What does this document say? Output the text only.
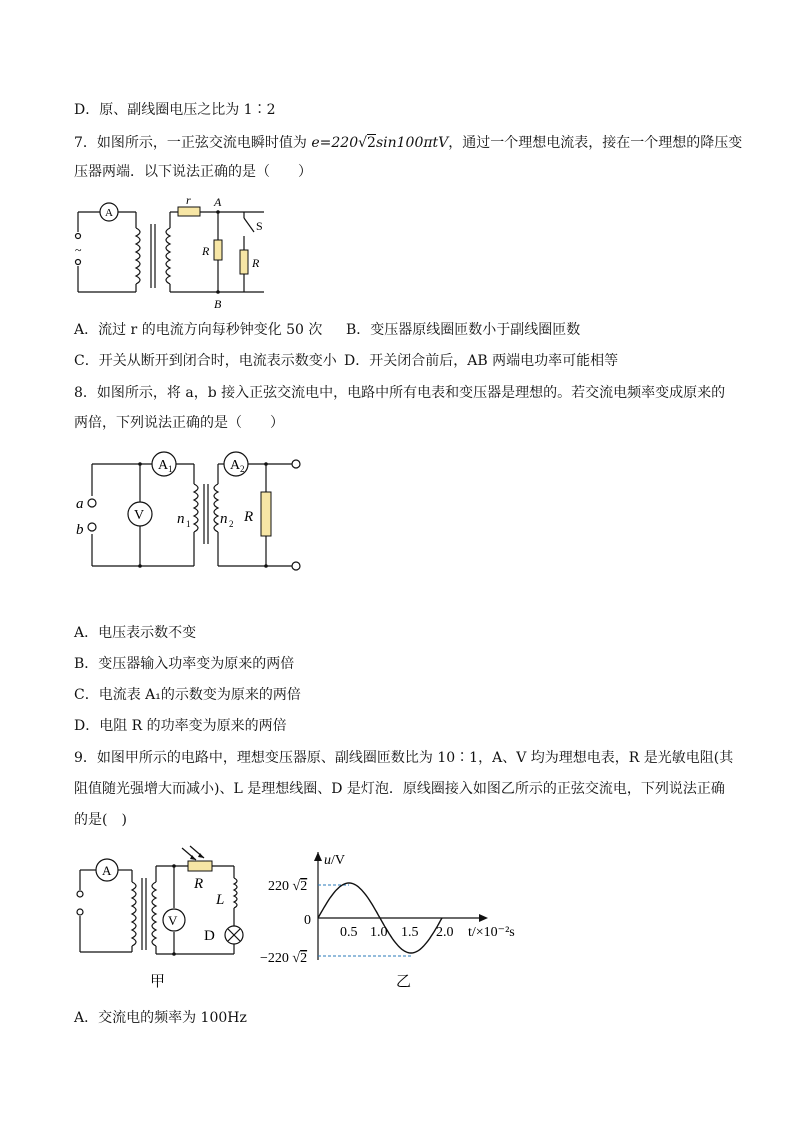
D．原、副线圈电压之比为 1∶2
7．如图所示，一正弦交流电瞬时值为 e=220√2sin100πtV，通过一个理想电流表，接在一个理想的降压变
压器两端．以下说法正确的是（　　）
A
~
r A
B
S
R
R
A．流过 r 的电流方向每秒钟变化 50 次 B．变压器原线圈匝数小于副线圈匝数
C．开关从断开到闭合时，电流表示数变小 D．开关闭合前后，AB 两端电功率可能相等
8．如图所示，将 a，b 接入正弦交流电中，电路中所有电表和变压器是理想的。若交流电频率变成原来的
两倍，下列说法正确的是（　　）
A 1	A 2
V
a
b
n 1 n 2 R
A．电压表示数不变
B．变压器输入功率变为原来的两倍
C．电流表 A₁的示数变为原来的两倍
D．电阻 R 的功率变为原来的两倍
9．如图甲所示的电路中，理想变压器原、副线圈匝数比为 10∶1，A、V 均为理想电表，R 是光敏电阻(其
阻值随光强增大而减小)、L 是理想线圈、D 是灯泡．原线圈接入如图乙所示的正弦交流电，下列说法正确
的是(　)
A
V
R
L
D
甲
u/V
220 √2
0
−220 √2
0.5 1.0 1.5 2.0 t/×10⁻²s
乙
A．交流电的频率为 100Hz
